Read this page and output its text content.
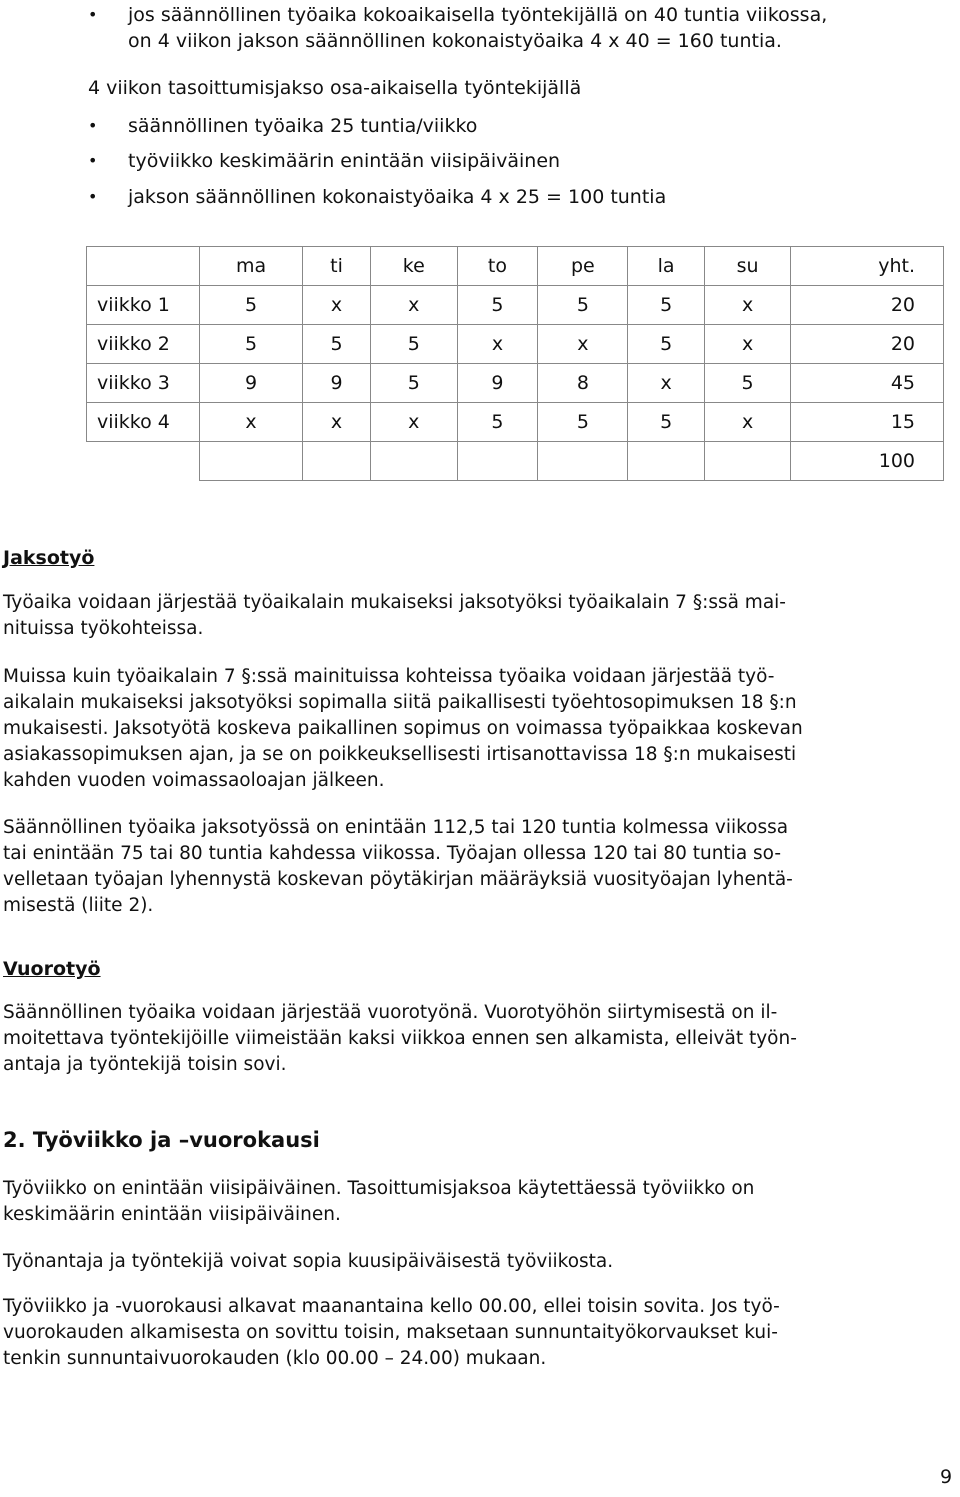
• jos säännöllinen työaika kokoaikaisella työntekijällä on 40 tuntia viikossa,
on 4 viikon jakson säännöllinen kokonaistyöaika 4 x 40 = 160 tuntia.
4 viikon tasoittumisjakso osa-aikaisella työntekijällä
• säännöllinen työaika 25 tuntia/viikko
• työviikko keskimäärin enintään viisipäiväinen
• jakson säännöllinen kokonaistyöaika 4 x 25 = 100 tuntia
	ma	ti	ke	to	pe	la	su	yht.
viikko 1	5	x	x	5	5	5	x	20
viikko 2	5	5	5	x	x	5	x	20
viikko 3	9	9	5	9	8	x	5	45
viikko 4	x	x	x	5	5	5	x	15
								100
Jaksotyö
Työaika voidaan järjestää työaikalain mukaiseksi jaksotyöksi työaikalain 7 §:ssä mai-
nituissa työkohteissa.
Muissa kuin työaikalain 7 §:ssä mainituissa kohteissa työaika voidaan järjestää työ-
aikalain mukaiseksi jaksotyöksi sopimalla siitä paikallisesti työehtosopimuksen 18 §:n
mukaisesti. Jaksotyötä koskeva paikallinen sopimus on voimassa työpaikkaa koskevan
asiakassopimuksen ajan, ja se on poikkeuksellisesti irtisanottavissa 18 §:n mukaisesti
kahden vuoden voimassaoloajan jälkeen.
Säännöllinen työaika jaksotyössä on enintään 112,5 tai 120 tuntia kolmessa viikossa
tai enintään 75 tai 80 tuntia kahdessa viikossa. Työajan ollessa 120 tai 80 tuntia so-
velletaan työajan lyhennystä koskevan pöytäkirjan määräyksiä vuosityöajan lyhentä-
misestä (liite 2).
Vuorotyö
Säännöllinen työaika voidaan järjestää vuorotyönä. Vuorotyöhön siirtymisestä on il-
moitettava työntekijöille viimeistään kaksi viikkoa ennen sen alkamista, elleivät työn-
antaja ja työntekijä toisin sovi.
2. Työviikko ja –vuorokausi
Työviikko on enintään viisipäiväinen. Tasoittumisjaksoa käytettäessä työviikko on
keskimäärin enintään viisipäiväinen.
Työnantaja ja työntekijä voivat sopia kuusipäiväisestä työviikosta.
Työviikko ja -vuorokausi alkavat maanantaina kello 00.00, ellei toisin sovita. Jos työ-
vuorokauden alkamisesta on sovittu toisin, maksetaan sunnuntaityökorvaukset kui-
tenkin sunnuntaivuorokauden (klo 00.00 – 24.00) mukaan.
9
